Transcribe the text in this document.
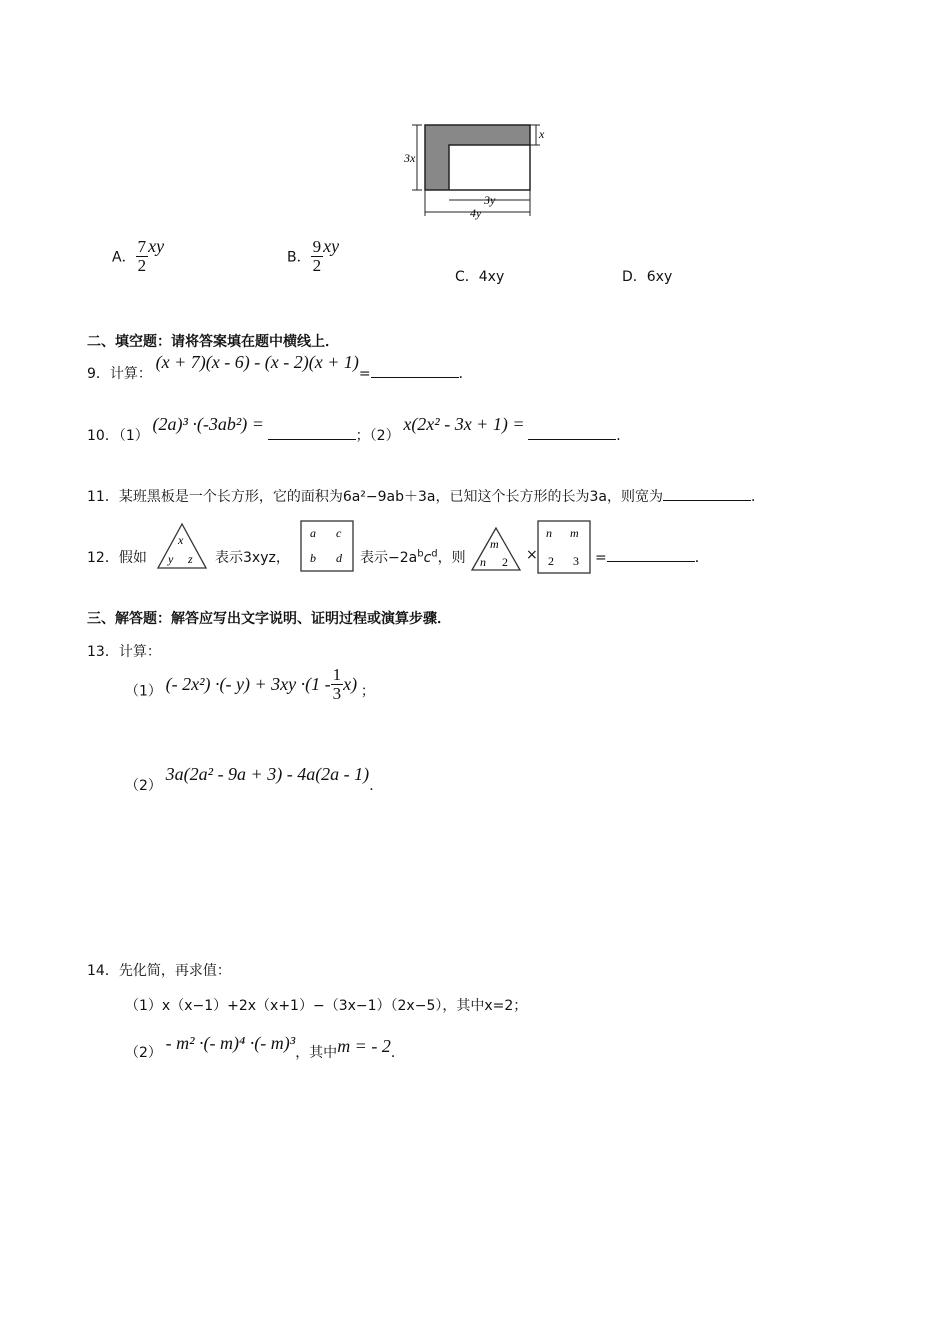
3x
x
3y
4y
A． $\frac{7}{2}$ xy
B． $\frac{9}{2}$ xy
C．4xy	D．6xy
二、填空题：请将答案填在题中横线上．
9．计算： (x + 7)(x - 6) - (x - 2)(x + 1)=	．
10．（1） (2a)³ ·(-3ab²) = ；（2） x(2x² - 3x + 1) = ．
11．某班黑板是一个长方形，它的面积为6a²−9ab＋3a，已知这个长方形的长为3a，则宽为	．
12．假如
x
y z 表示3xyz，
a c
b d 表示$-2a^bc^d$，则
m
n 2 ×
n m
2 3 =	．
三、解答题：解答应写出文字说明、证明过程或演算步骤．
13．计算：
（1） (- 2x²) ·(- $y) + 3xy \cdot(1 - \frac{1}{3} x)$ ；
（2） 3a(2a² - 9a + 3) - 4a(2a - 1)．
14．先化简，再求值：
（1）x（x−1）+2x（x+1）−（3x−1）（2x−5），其中x=2；
（2） - m² ·(- m)⁴ ·(- m)³，其中m = - 2．
